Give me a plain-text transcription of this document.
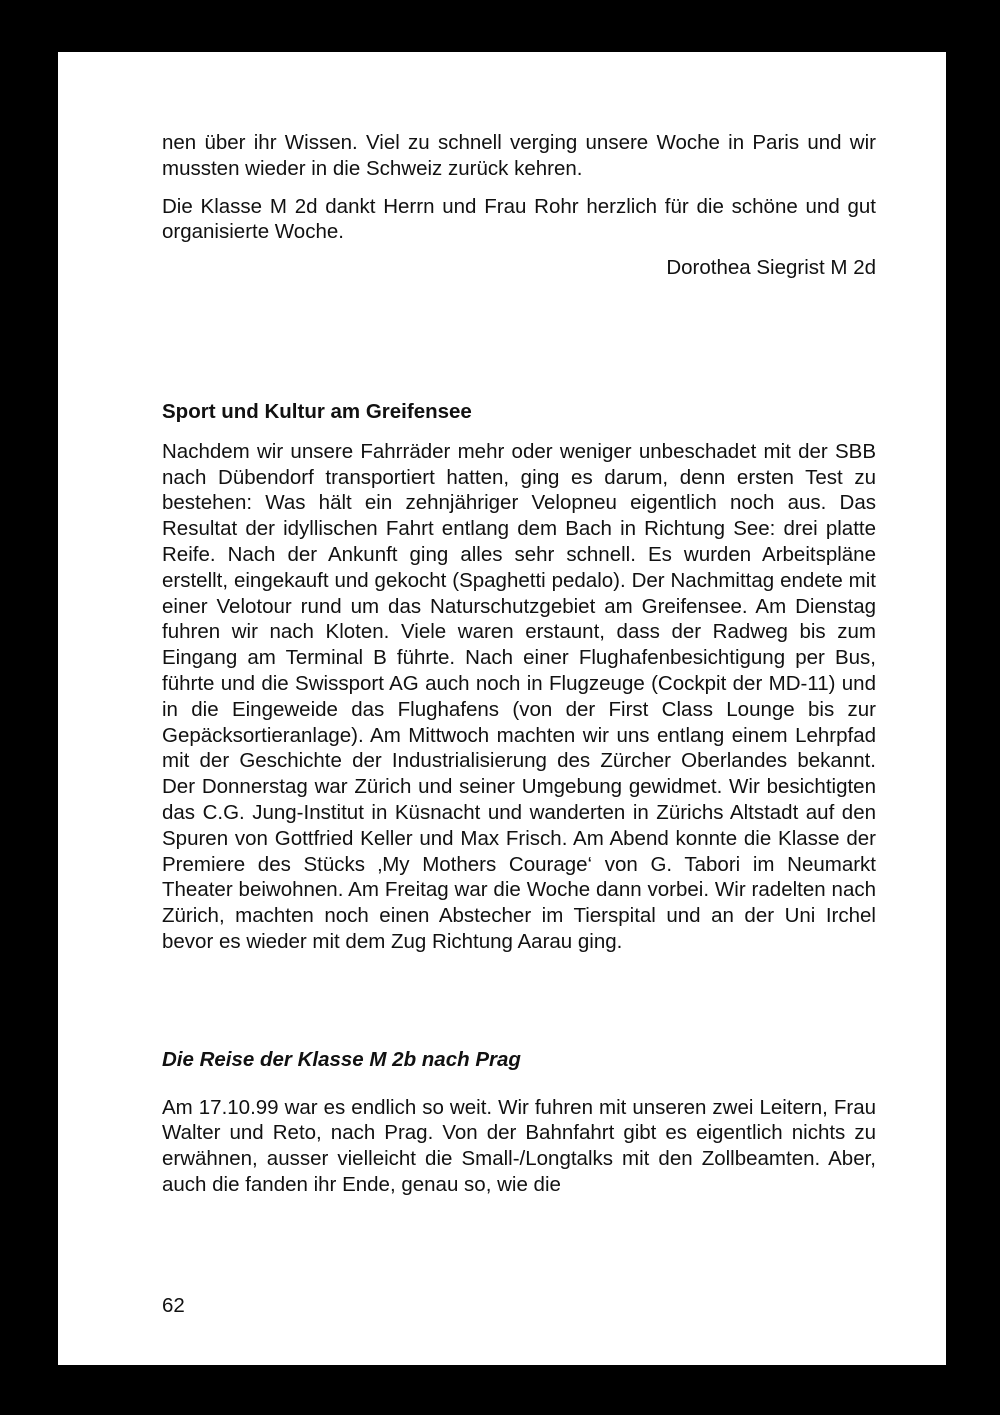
nen über ihr Wissen. Viel zu schnell verging unsere Woche in Paris und wir mussten wieder in die Schweiz zurück kehren.

Die Klasse M 2d dankt Herrn und Frau Rohr herzlich für die schöne und gut organisierte Woche.

Dorothea Siegrist M 2d

Sport und Kultur am Greifensee

Nachdem wir unsere Fahrräder mehr oder weniger unbeschadet mit der SBB nach Dübendorf transportiert hatten, ging es darum, denn ersten Test zu bestehen: Was hält ein zehnjähriger Velopneu eigentlich noch aus. Das Resultat der idyllischen Fahrt entlang dem Bach in Richtung See: drei platte Reife. Nach der Ankunft ging alles sehr schnell. Es wurden Arbeitspläne erstellt, eingekauft und gekocht (Spaghetti pedalo). Der Nachmittag endete mit einer Velotour rund um das Naturschutzgebiet am Greifensee. Am Dienstag fuhren wir nach Kloten. Viele waren erstaunt, dass der Radweg bis zum Eingang am Terminal B führte. Nach einer Flughafenbesichtigung per Bus, führte und die Swissport AG auch noch in Flugzeuge (Cockpit der MD-11) und in die Eingeweide das Flughafens (von der First Class Lounge bis zur Gepäcksortieranlage). Am Mittwoch machten wir uns entlang einem Lehrpfad mit der Geschichte der Industrialisierung des Zürcher Oberlandes bekannt. Der Donnerstag war Zürich und seiner Umgebung gewidmet. Wir besichtigten das C.G. Jung-Institut in Küsnacht und wanderten in Zürichs Altstadt auf den Spuren von Gottfried Keller und Max Frisch. Am Abend konnte die Klasse der Premiere des Stücks ‚My Mothers Courage‘ von G. Tabori im Neumarkt Theater beiwohnen. Am Freitag war die Woche dann vorbei. Wir radelten nach Zürich, machten noch einen Abstecher im Tierspital und an der Uni Irchel bevor es wieder mit dem Zug Richtung Aarau ging.

Die Reise der Klasse M 2b nach Prag

Am 17.10.99 war es endlich so weit. Wir fuhren mit unseren zwei Leitern, Frau Walter und Reto, nach Prag. Von der Bahnfahrt gibt es eigentlich nichts zu erwähnen, ausser vielleicht die Small-/Longtalks mit den Zollbeamten. Aber, auch die fanden ihr Ende, genau so, wie die

62
